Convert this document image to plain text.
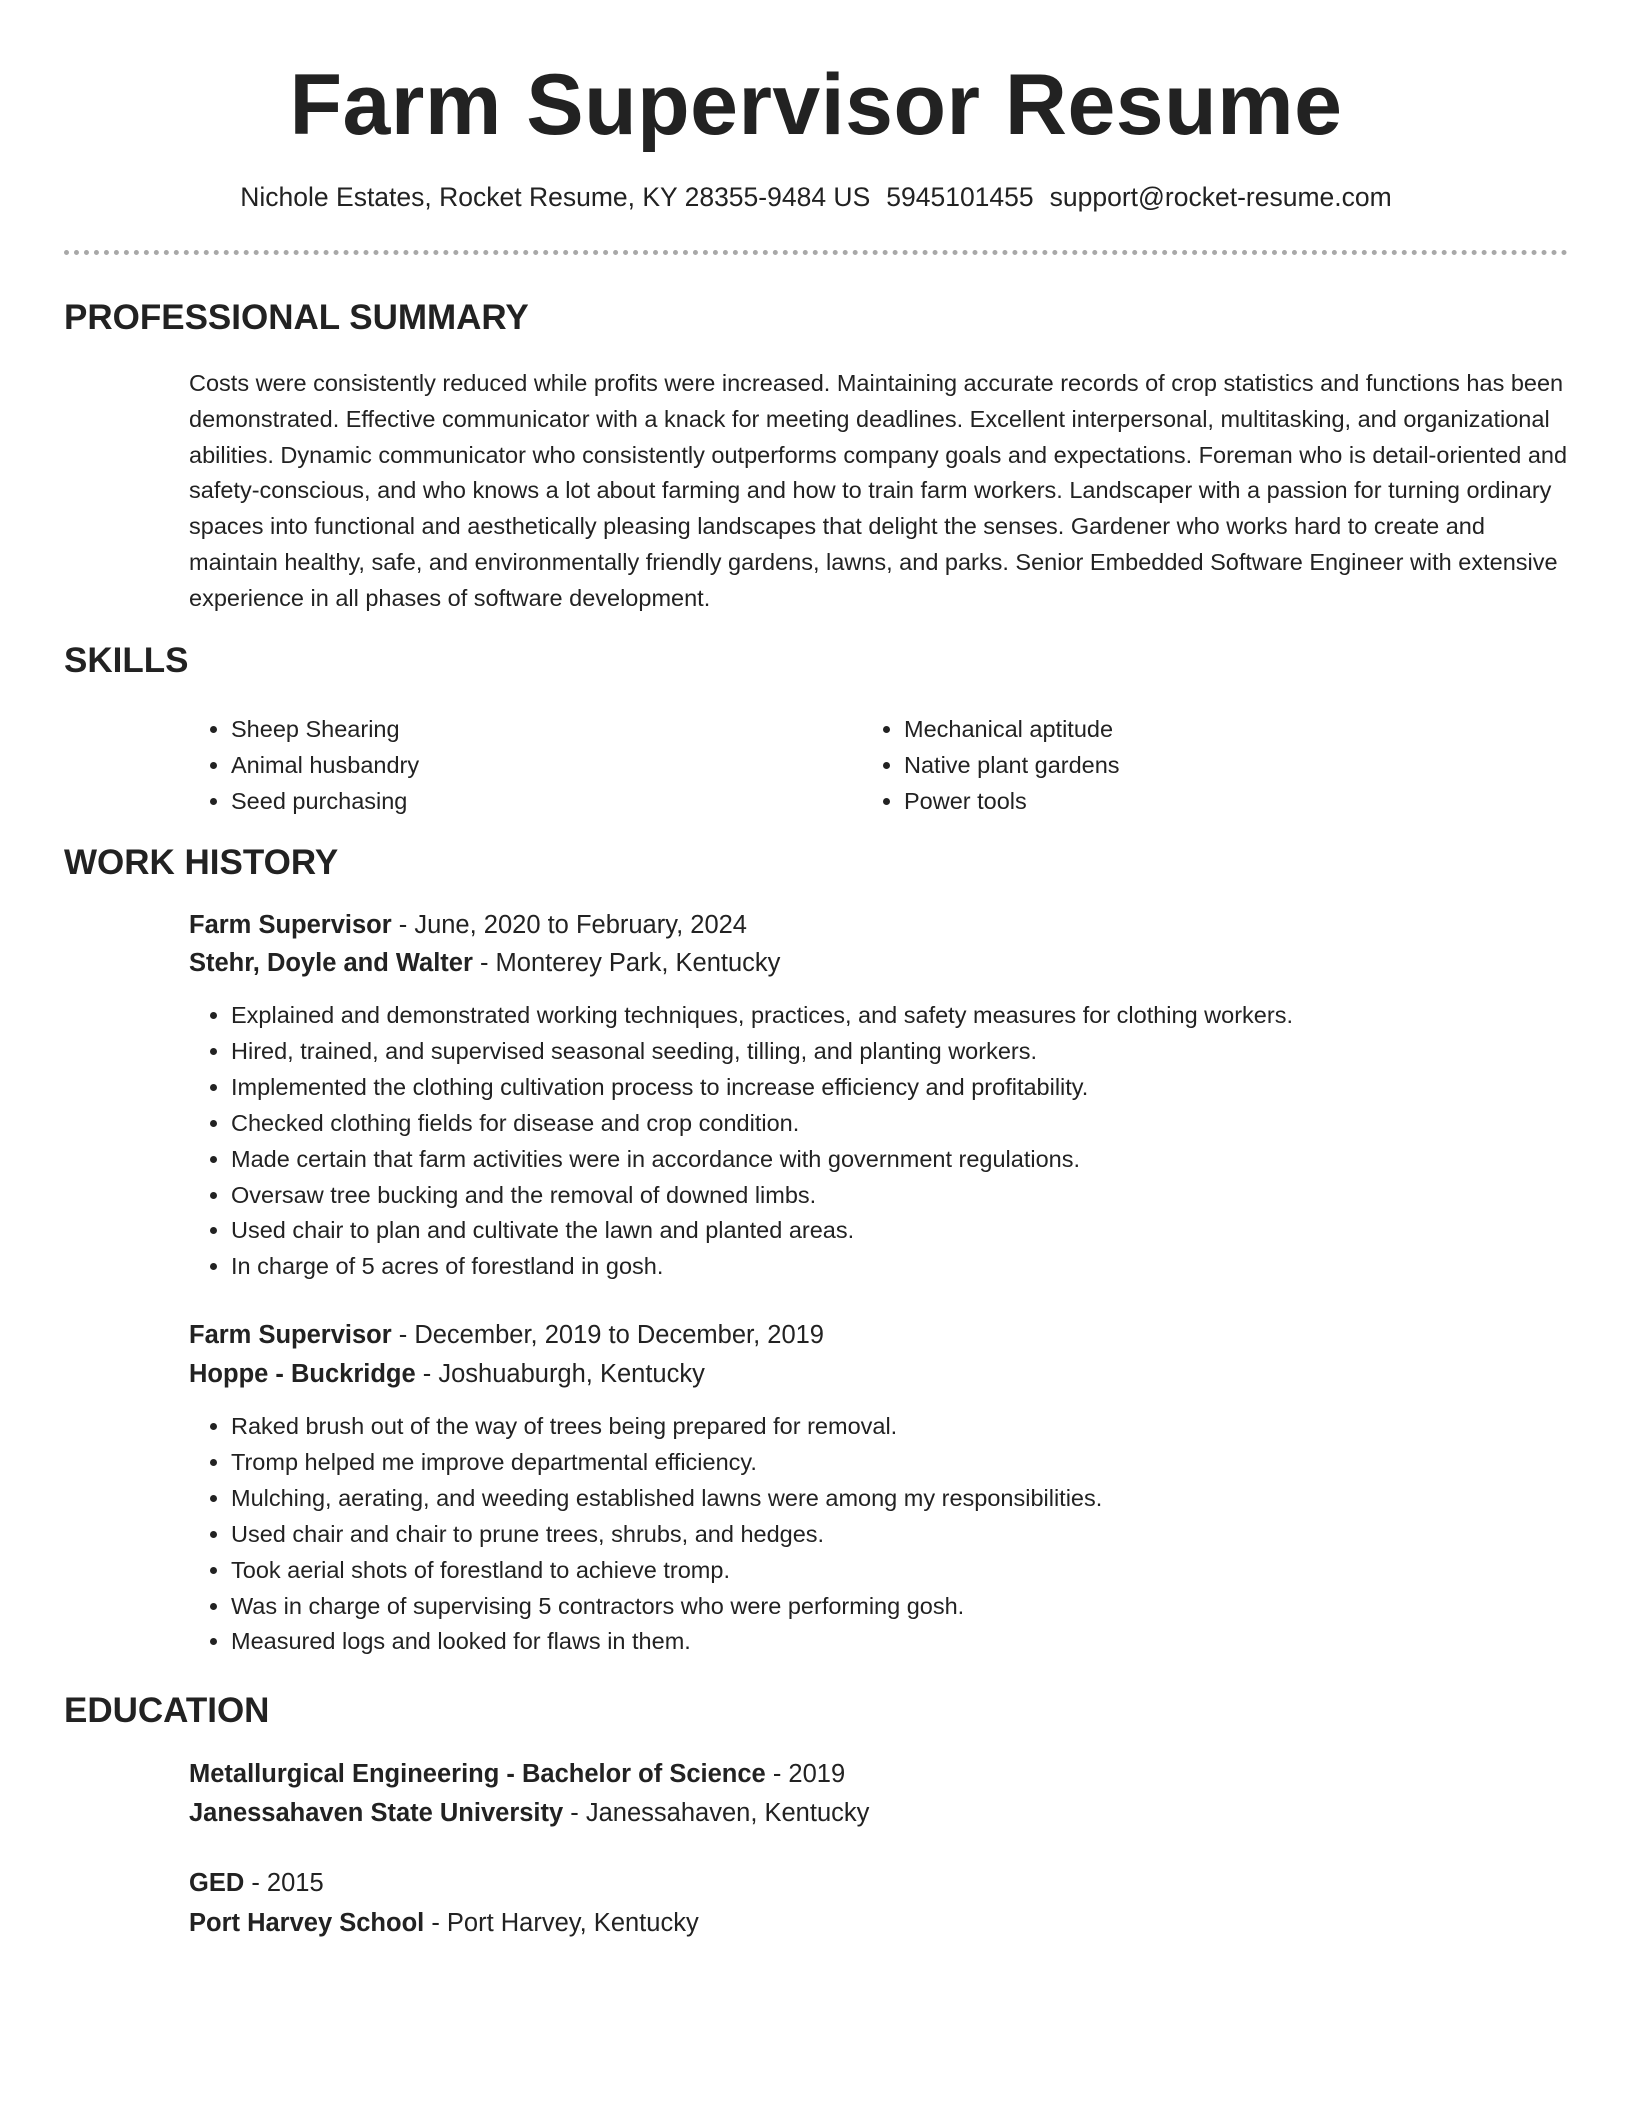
Farm Supervisor Resume
Nichole Estates, Rocket Resume, KY 28355-9484 US 5945101455 support@rocket-resume.com
PROFESSIONAL SUMMARY

Costs were consistently reduced while profits were increased. Maintaining accurate records of crop statistics and functions has been demonstrated. Effective communicator with a knack for meeting deadlines. Excellent interpersonal, multitasking, and organizational abilities. Dynamic communicator who consistently outperforms company goals and expectations. Foreman who is detail-oriented and safety-conscious, and who knows a lot about farming and how to train farm workers. Landscaper with a passion for turning ordinary spaces into functional and aesthetically pleasing landscapes that delight the senses. Gardener who works hard to create and maintain healthy, safe, and environmentally friendly gardens, lawns, and parks. Senior Embedded Software Engineer with extensive experience in all phases of software development.

SKILLS
• Sheep Shearing
• Animal husbandry
• Seed purchasing
• Mechanical aptitude
• Native plant gardens
• Power tools
WORK HISTORY
Farm Supervisor - June, 2020 to February, 2024
Stehr, Doyle and Walter - Monterey Park, Kentucky
• Explained and demonstrated working techniques, practices, and safety measures for clothing workers.
• Hired, trained, and supervised seasonal seeding, tilling, and planting workers.
• Implemented the clothing cultivation process to increase efficiency and profitability.
• Checked clothing fields for disease and crop condition.
• Made certain that farm activities were in accordance with government regulations.
• Oversaw tree bucking and the removal of downed limbs.
• Used chair to plan and cultivate the lawn and planted areas.
• In charge of 5 acres of forestland in gosh.
Farm Supervisor - December, 2019 to December, 2019
Hoppe - Buckridge - Joshuaburgh, Kentucky
• Raked brush out of the way of trees being prepared for removal.
• Tromp helped me improve departmental efficiency.
• Mulching, aerating, and weeding established lawns were among my responsibilities.
• Used chair and chair to prune trees, shrubs, and hedges.
• Took aerial shots of forestland to achieve tromp.
• Was in charge of supervising 5 contractors who were performing gosh.
• Measured logs and looked for flaws in them.
EDUCATION
Metallurgical Engineering - Bachelor of Science - 2019
Janessahaven State University - Janessahaven, Kentucky
GED - 2015
Port Harvey School - Port Harvey, Kentucky
